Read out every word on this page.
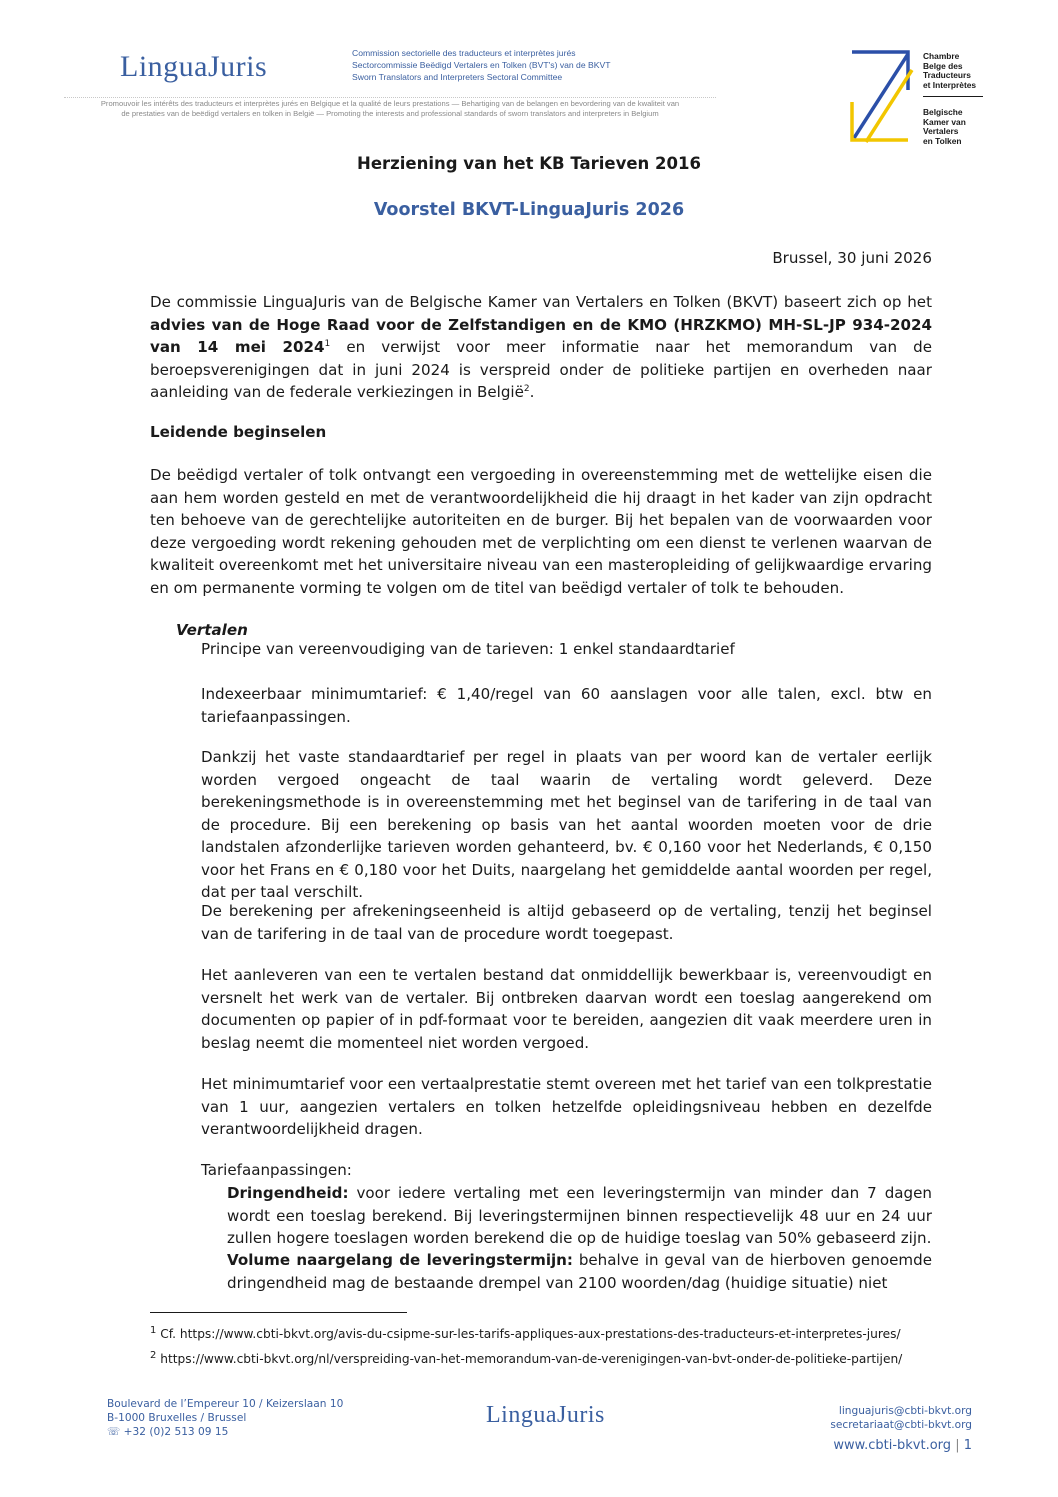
LinguaJuris	Commission sectorielle des traducteurs et interprètes jurés
Sectorcommissie Beëdigd Vertalers en Tolken (BVT's) van de BKVT
Sworn Translators and Interpreters Sectoral Committee
Promouvoir les intérêts des traducteurs et interprètes jurés en Belgique et la qualité de leurs prestations — Behartiging van de belangen en bevordering van de kwaliteit van
de prestaties van de beëdigd vertalers en tolken in België — Promoting the interests and professional standards of sworn translators and interpreters in Belgium
Chambre
Belge des
Traducteurs
et Interprètes
Belgische
Kamer van
Vertalers
en Tolken
Herziening van het KB Tarieven 2016
Voorstel BKVT-LinguaJuris 2026
Brussel, 30 juni 2026
De commissie LinguaJuris van de Belgische Kamer van Vertalers en Tolken (BKVT) baseert zich op het advies van de Hoge Raad voor de Zelfstandigen en de KMO (HRZKMO) MH-SL-JP 934-2024 van 14 mei 2024$^1$ en verwijst voor meer informatie naar het memorandum van de beroepsverenigingen dat in juni 2024 is verspreid onder de politieke partijen en overheden naar aanleiding van de federale verkiezingen in België$^2$.
Leidende beginselen
De beëdigd vertaler of tolk ontvangt een vergoeding in overeenstemming met de wettelijke eisen die aan hem worden gesteld en met de verantwoordelijkheid die hij draagt in het kader van zijn opdracht ten behoeve van de gerechtelijke autoriteiten en de burger. Bij het bepalen van de voorwaarden voor deze vergoeding wordt rekening gehouden met de verplichting om een dienst te verlenen waarvan de kwaliteit overeenkomt met het universitaire niveau van een masteropleiding of gelijkwaardige ervaring en om permanente vorming te volgen om de titel van beëdigd vertaler of tolk te behouden.
Vertalen
Principe van vereenvoudiging van de tarieven: 1 enkel standaardtarief
Indexeerbaar minimumtarief: € 1,40/regel van 60 aanslagen voor alle talen, excl. btw en tariefaanpassingen.
Dankzij het vaste standaardtarief per regel in plaats van per woord kan de vertaler eerlijk worden vergoed ongeacht de taal waarin de vertaling wordt geleverd. Deze berekeningsmethode is in overeenstemming met het beginsel van de tarifering in de taal van de procedure. Bij een berekening op basis van het aantal woorden moeten voor de drie landstalen afzonderlijke tarieven worden gehanteerd, bv. € 0,160 voor het Nederlands, € 0,150 voor het Frans en € 0,180 voor het Duits, naargelang het gemiddelde aantal woorden per regel, dat per taal verschilt.
De berekening per afrekeningseenheid is altijd gebaseerd op de vertaling, tenzij het beginsel van de tarifering in de taal van de procedure wordt toegepast.
Het aanleveren van een te vertalen bestand dat onmiddellijk bewerkbaar is, vereenvoudigt en versnelt het werk van de vertaler. Bij ontbreken daarvan wordt een toeslag aangerekend om documenten op papier of in pdf-formaat voor te bereiden, aangezien dit vaak meerdere uren in beslag neemt die momenteel niet worden vergoed.
Het minimumtarief voor een vertaalprestatie stemt overeen met het tarief van een tolkprestatie van 1 uur, aangezien vertalers en tolken hetzelfde opleidingsniveau hebben en dezelfde verantwoordelijkheid dragen.
Tariefaanpassingen:
Dringendheid: voor iedere vertaling met een leveringstermijn van minder dan 7 dagen wordt een toeslag berekend. Bij leveringstermijnen binnen respectievelijk 48 uur en 24 uur zullen hogere toeslagen worden berekend die op de huidige toeslag van 50% gebaseerd zijn.
Volume naargelang de leveringstermijn: behalve in geval van de hierboven genoemde dringendheid mag de bestaande drempel van 2100 woorden/dag (huidige situatie) niet
$^1$ Cf. https://www.cbti-bkvt.org/avis-du-csipme-sur-les-tarifs-appliques-aux-prestations-des-traducteurs-et-interpretes-jures/
$^2$ https://www.cbti-bkvt.org/nl/verspreiding-van-het-memorandum-van-de-verenigingen-van-bvt-onder-de-politieke-partijen/
Boulevard de l’Empereur 10 / Keizerslaan 10
B-1000 Bruxelles / Brussel
☏ +32 (0)2 513 09 15
LinguaJuris	linguajuris@cbti-bkvt.org
secretariaat@cbti-bkvt.org
www.cbti-bkvt.org | 1
